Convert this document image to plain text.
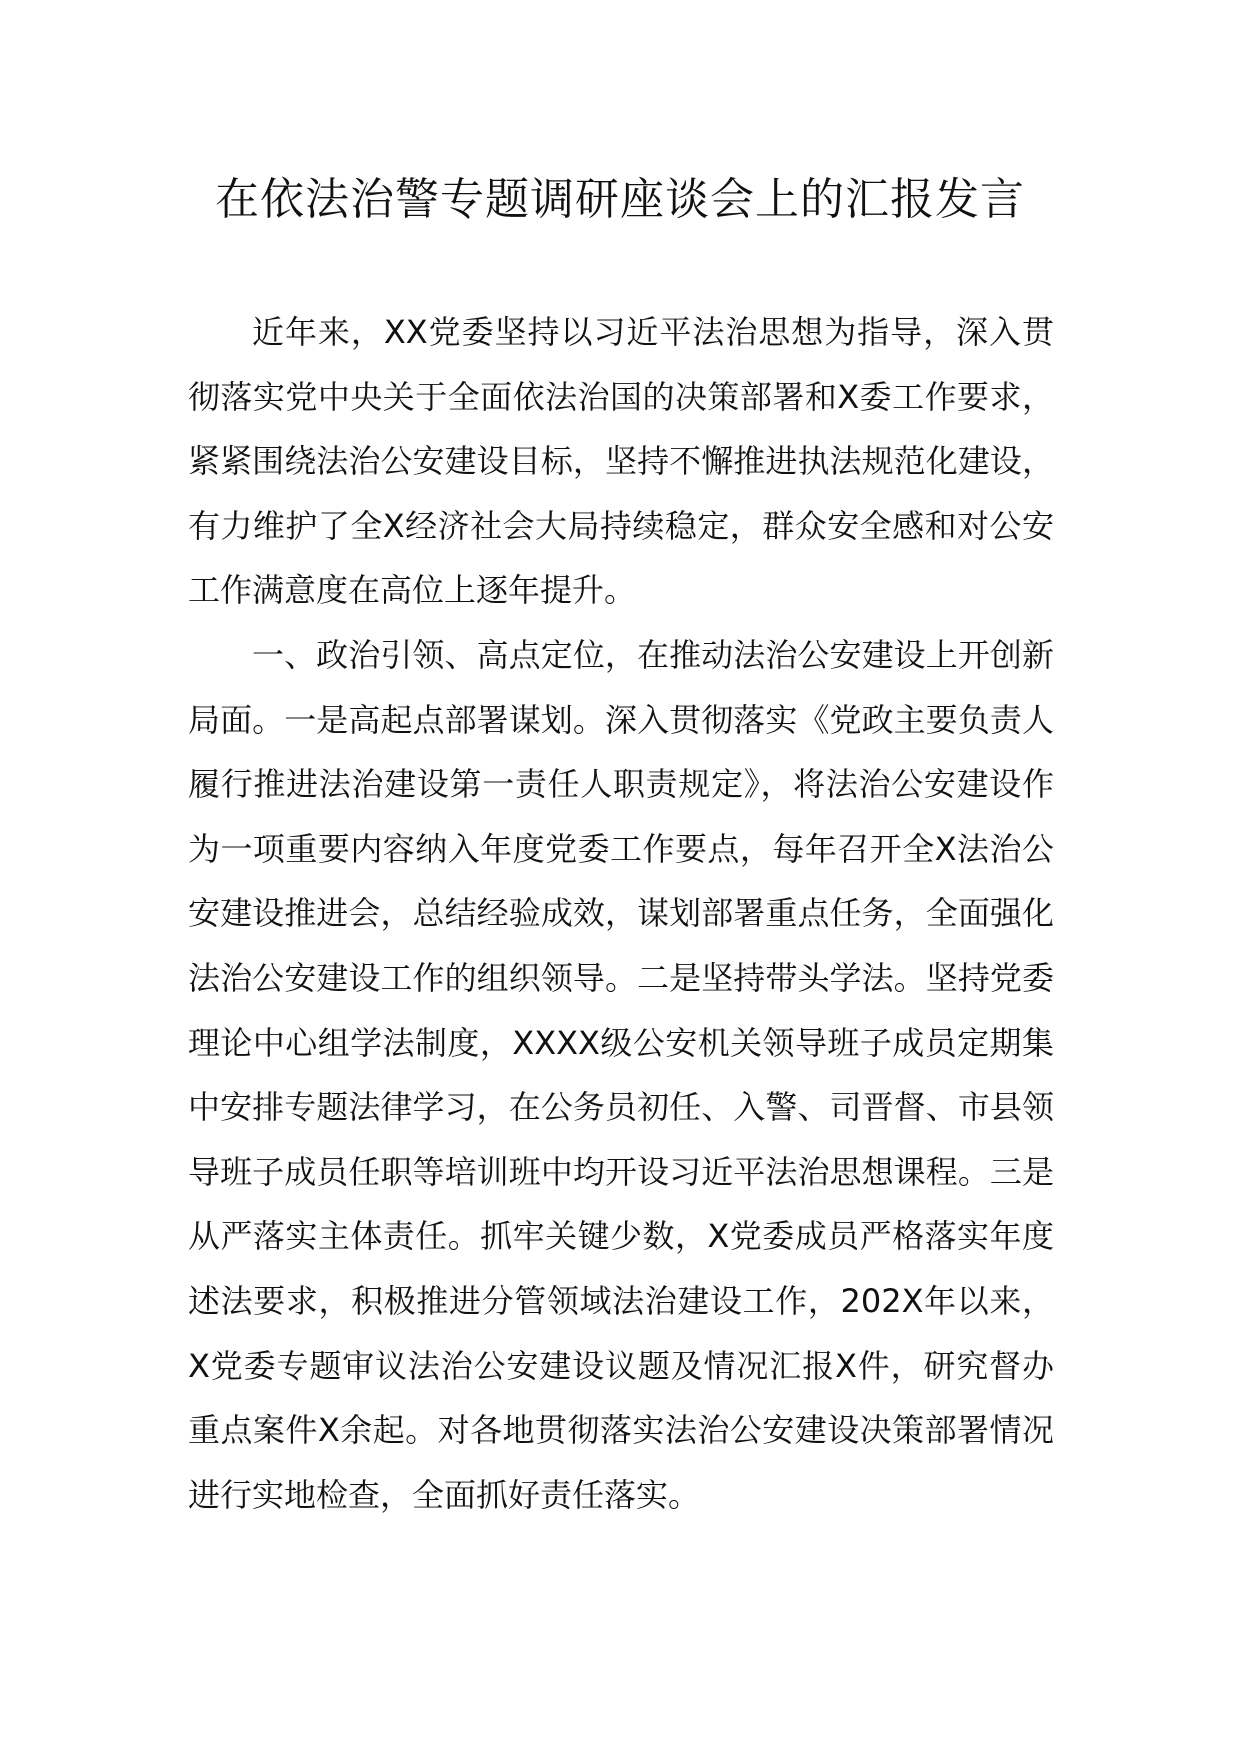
在依法治警专题调研座谈会上的汇报发言

近年来，XX党委坚持以习近平法治思想为指导，深入贯彻落实党中央关于全面依法治国的决策部署和X委工作要求，紧紧围绕法治公安建设目标，坚持不懈推进执法规范化建设，有力维护了全X经济社会大局持续稳定，群众安全感和对公安工作满意度在高位上逐年提升。

一、政治引领、高点定位，在推动法治公安建设上开创新局面。一是高起点部署谋划。深入贯彻落实《党政主要负责人履行推进法治建设第一责任人职责规定》，将法治公安建设作为一项重要内容纳入年度党委工作要点，每年召开全X法治公安建设推进会，总结经验成效，谋划部署重点任务，全面强化法治公安建设工作的组织领导。二是坚持带头学法。坚持党委理论中心组学法制度，XXXX级公安机关领导班子成员定期集中安排专题法律学习，在公务员初任、入警、司晋督、市县领导班子成员任职等培训班中均开设习近平法治思想课程。三是从严落实主体责任。抓牢关键少数，X党委成员严格落实年度述法要求，积极推进分管领域法治建设工作，202X年以来，X党委专题审议法治公安建设议题及情况汇报X件，研究督办重点案件X余起。对各地贯彻落实法治公安建设决策部署情况进行实地检查，全面抓好责任落实。
